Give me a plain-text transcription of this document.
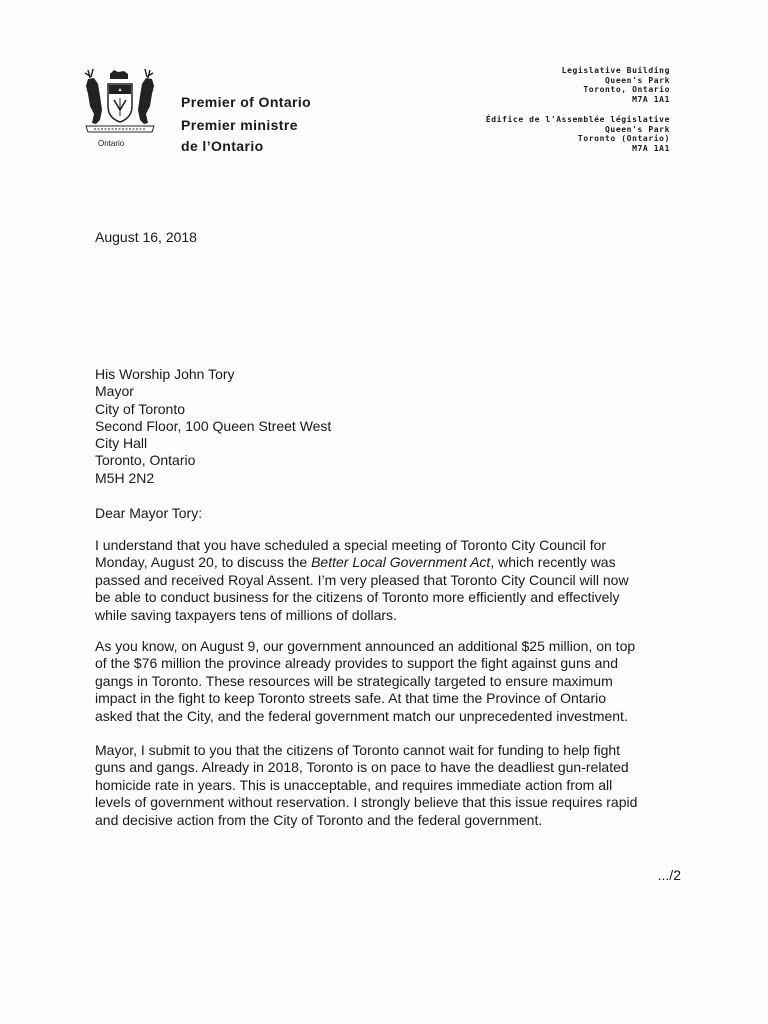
Ontario
Premier of Ontario
Premier ministre
de l’Ontario
Legislative Building
Queen's Park
Toronto, Ontario
M7A 1A1
Édifice de l'Assemblée législative
Queen's Park
Toronto (Ontario)
M7A 1A1
August 16, 2018
His Worship John Tory
Mayor
City of Toronto
Second Floor, 100 Queen Street West
City Hall
Toronto, Ontario
M5H 2N2
Dear Mayor Tory:
I understand that you have scheduled a special meeting of Toronto City Council for
Monday, August 20, to discuss the Better Local Government Act, which recently was
passed and received Royal Assent. I’m very pleased that Toronto City Council will now
be able to conduct business for the citizens of Toronto more efficiently and effectively
while saving taxpayers tens of millions of dollars.
As you know, on August 9, our government announced an additional $25 million, on top
of the $76 million the province already provides to support the fight against guns and
gangs in Toronto. These resources will be strategically targeted to ensure maximum
impact in the fight to keep Toronto streets safe. At that time the Province of Ontario
asked that the City, and the federal government match our unprecedented investment.
Mayor, I submit to you that the citizens of Toronto cannot wait for funding to help fight
guns and gangs. Already in 2018, Toronto is on pace to have the deadliest gun-related
homicide rate in years. This is unacceptable, and requires immediate action from all
levels of government without reservation. I strongly believe that this issue requires rapid
and decisive action from the City of Toronto and the federal government.
.../2
